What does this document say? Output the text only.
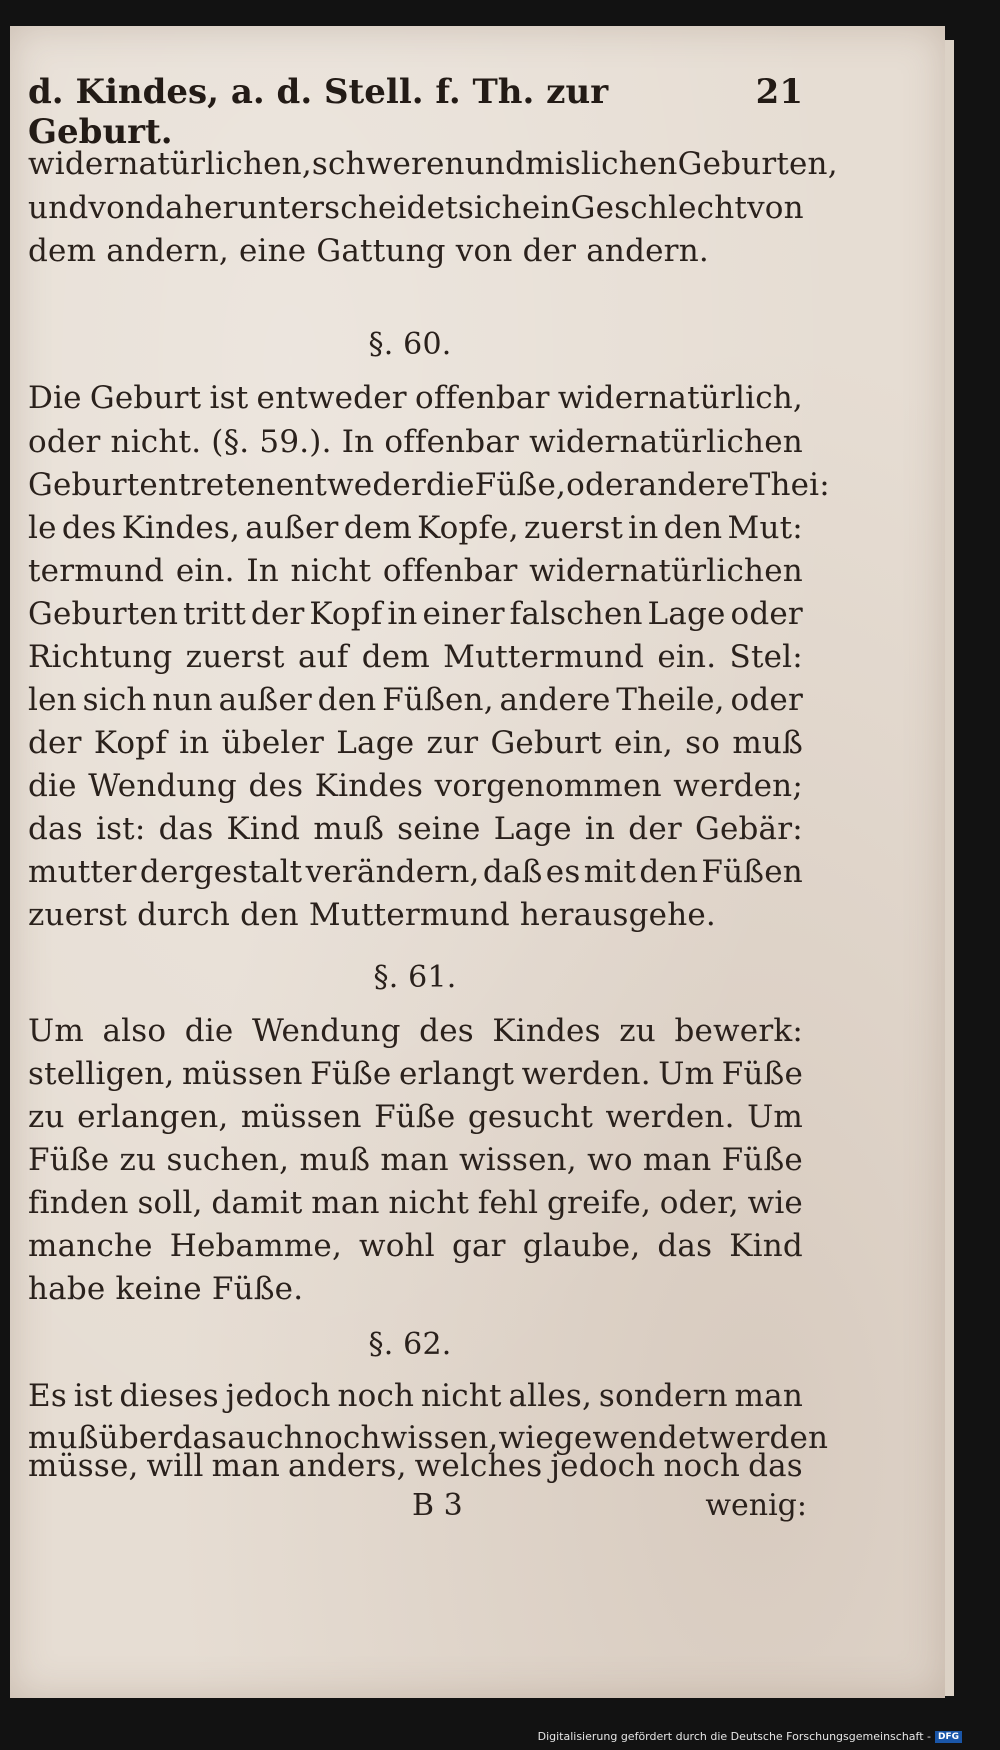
d. Kindes, a. d. Stell. f. Th. zur Geburt.
21
widernatürlichen, schweren und mislichen Geburten,
und von daher unterscheidet sich ein Geschlecht von
dem andern, eine Gattung von der andern.
§. 60.
Die Geburt ist entweder offenbar widernatürlich,
oder nicht. (§. 59.). In offenbar widernatürlichen
Geburten treten entweder die Füße, oder andere Thei:
le des Kindes, außer dem Kopfe, zuerst in den Mut:
termund ein. In nicht offenbar widernatürlichen
Geburten tritt der Kopf in einer falschen Lage oder
Richtung zuerst auf dem Muttermund ein. Stel:
len sich nun außer den Füßen, andere Theile, oder
der Kopf in übeler Lage zur Geburt ein, so muß
die Wendung des Kindes vorgenommen werden;
das ist: das Kind muß seine Lage in der Gebär:
mutter dergestalt verändern, daß es mit den Füßen
zuerst durch den Muttermund herausgehe.
§. 61.
Um also die Wendung des Kindes zu bewerk:
stelligen, müssen Füße erlangt werden. Um Füße
zu erlangen, müssen Füße gesucht werden. Um
Füße zu suchen, muß man wissen, wo man Füße
finden soll, damit man nicht fehl greife, oder, wie
manche Hebamme, wohl gar glaube, das Kind
habe keine Füße.
§. 62.
Es ist dieses jedoch noch nicht alles, sondern man
muß überdas auch noch wissen, wie gewendet werden
müsse, will man anders, welches jedoch noch das
B 3	wenig:
Digitalisierung gefördert durch die Deutsche Forschungsgemeinschaft - DFG
